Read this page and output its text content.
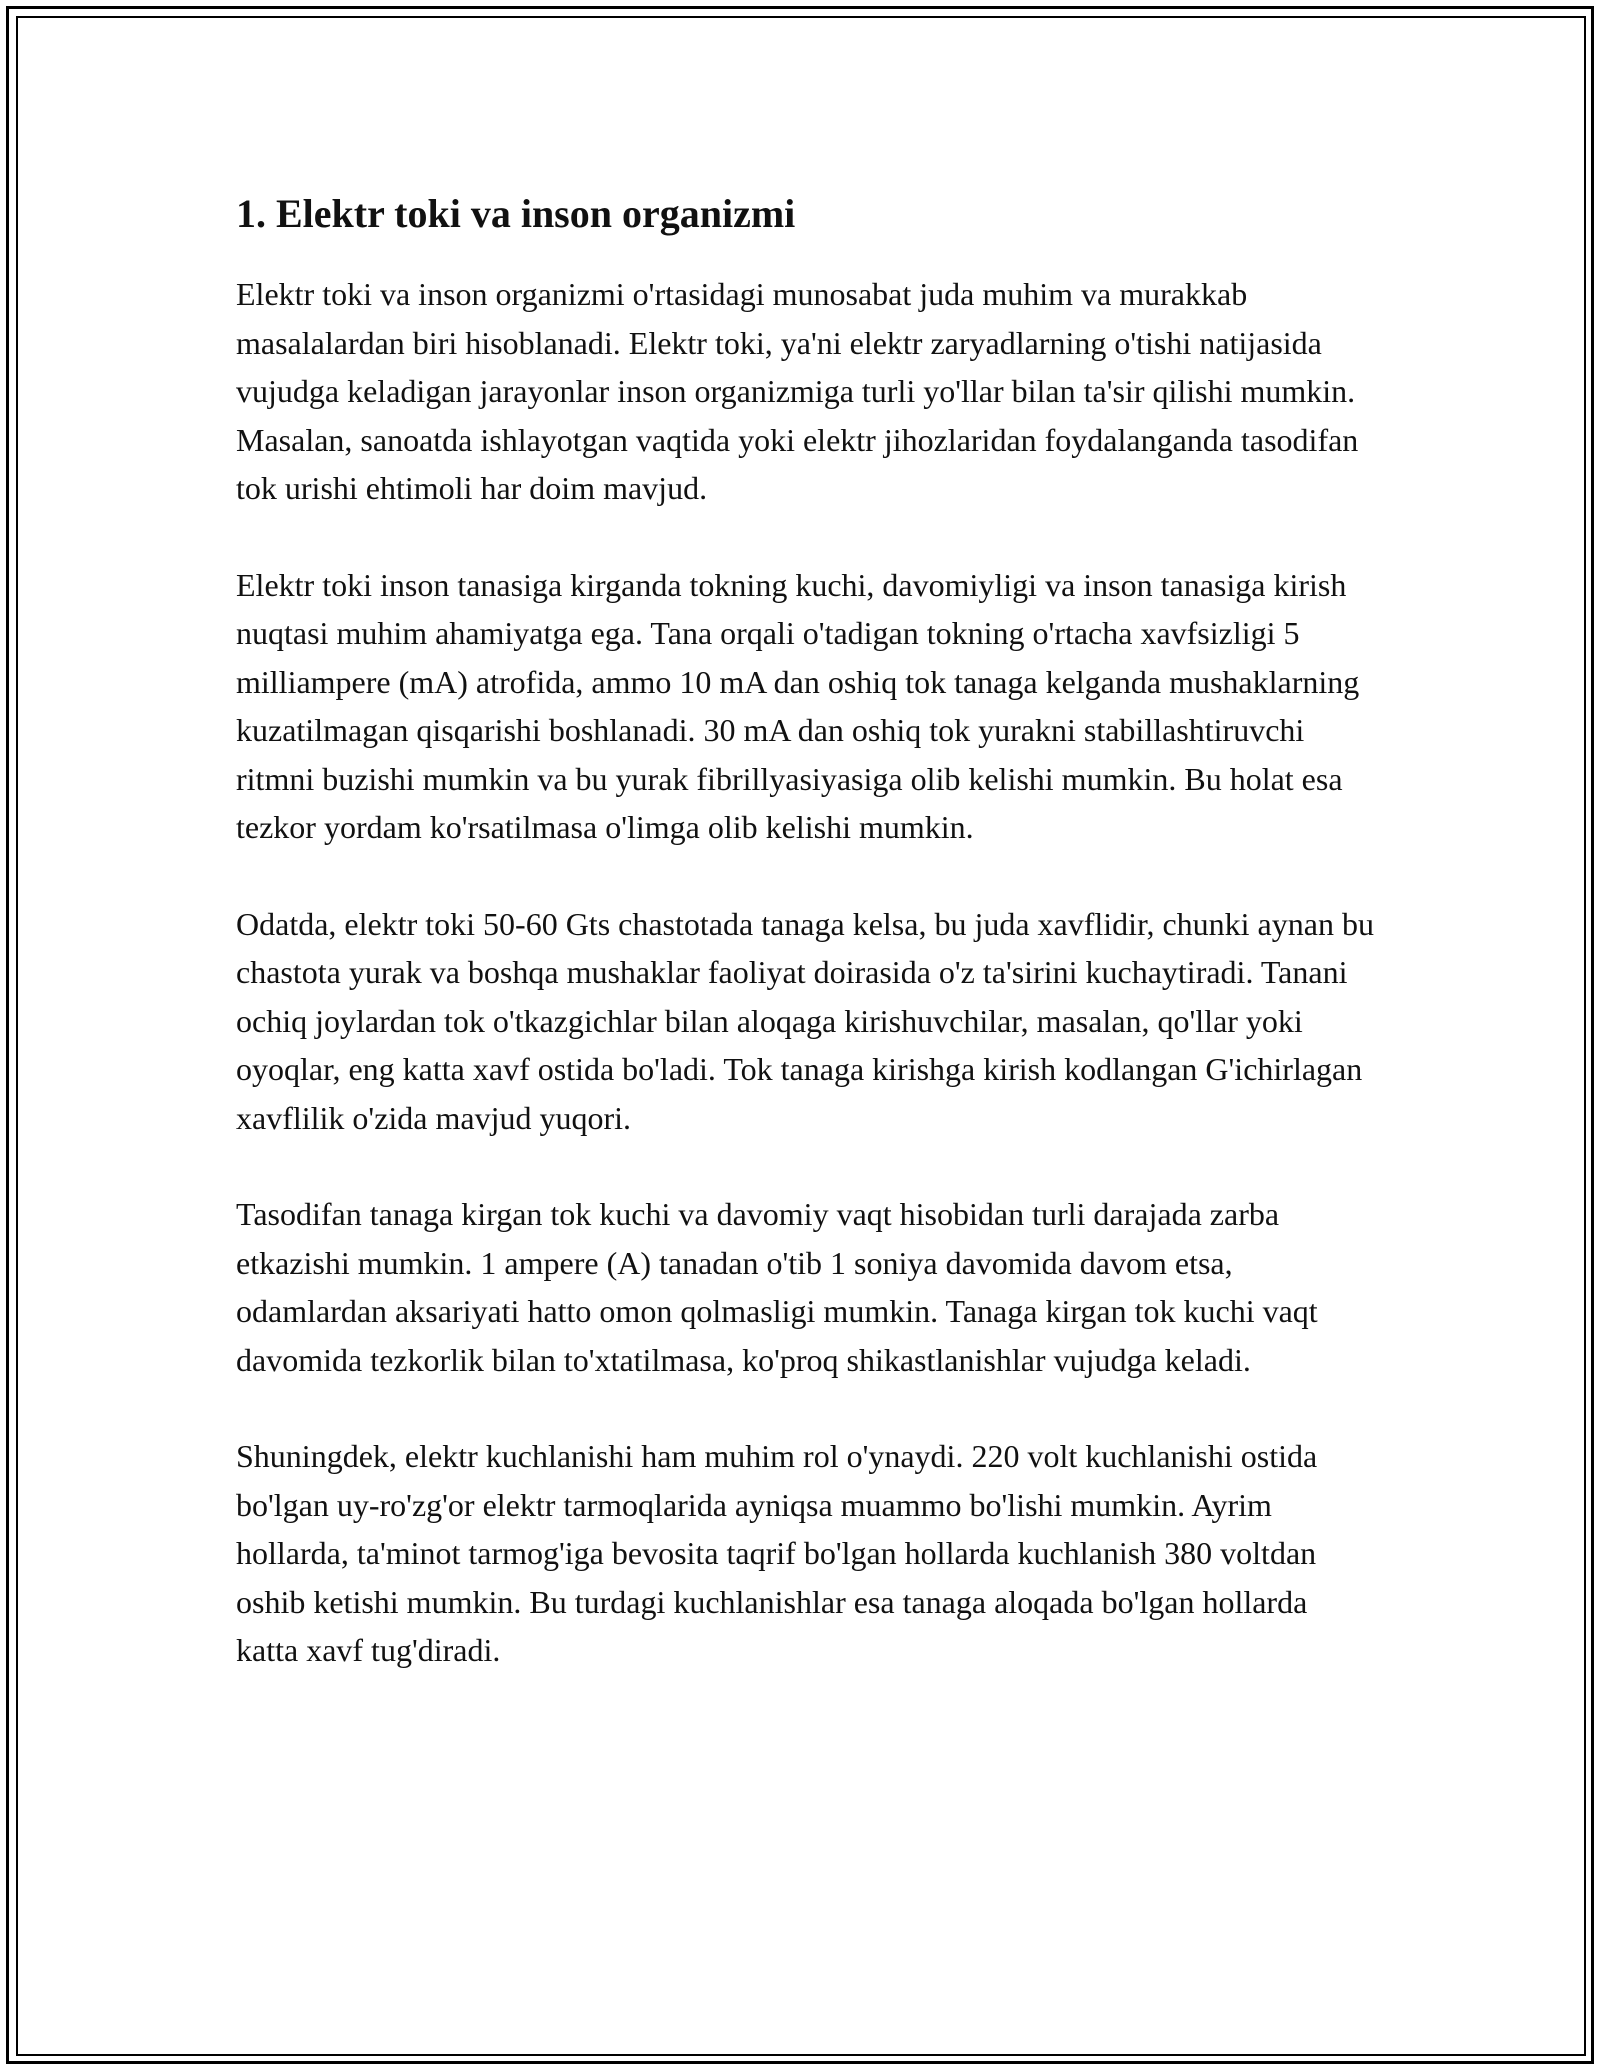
1. Elektr toki va inson organizmi

Elektr toki va inson organizmi o'rtasidagi munosabat juda muhim va murakkab masalalardan biri hisoblanadi. Elektr toki, ya'ni elektr zaryadlarning o'tishi natijasida vujudga keladigan jarayonlar inson organizmiga turli yo'llar bilan ta'sir qilishi mumkin. Masalan, sanoatda ishlayotgan vaqtida yoki elektr jihozlaridan foydalanganda tasodifan tok urishi ehtimoli har doim mavjud.

Elektr toki inson tanasiga kirganda tokning kuchi, davomiyligi va inson tanasiga kirish nuqtasi muhim ahamiyatga ega. Tana orqali o'tadigan tokning o'rtacha xavfsizligi 5 milliampere (mA) atrofida, ammo 10 mA dan oshiq tok tanaga kelganda mushaklarning kuzatilmagan qisqarishi boshlanadi. 30 mA dan oshiq tok yurakni stabillashtiruvchi ritmni buzishi mumkin va bu yurak fibrillyasiyasiga olib kelishi mumkin. Bu holat esa tezkor yordam ko'rsatilmasa o'limga olib kelishi mumkin.

Odatda, elektr toki 50-60 Gts chastotada tanaga kelsa, bu juda xavflidir, chunki aynan bu chastota yurak va boshqa mushaklar faoliyat doirasida o'z ta'sirini kuchaytiradi. Tanani ochiq joylardan tok o'tkazgichlar bilan aloqaga kirishuvchilar, masalan, qo'llar yoki oyoqlar, eng katta xavf ostida bo'ladi. Tok tanaga kirishga kirish kodlangan G'ichirlagan xavflilik o'zida mavjud yuqori.

Tasodifan tanaga kirgan tok kuchi va davomiy vaqt hisobidan turli darajada zarba etkazishi mumkin. 1 ampere (A) tanadan o'tib 1 soniya davomida davom etsa, odamlardan aksariyati hatto omon qolmasligi mumkin. Tanaga kirgan tok kuchi vaqt davomida tezkorlik bilan to'xtatilmasa, ko'proq shikastlanishlar vujudga keladi.

Shuningdek, elektr kuchlanishi ham muhim rol o'ynaydi. 220 volt kuchlanishi ostida bo'lgan uy-ro'zg'or elektr tarmoqlarida ayniqsa muammo bo'lishi mumkin. Ayrim hollarda, ta'minot tarmog'iga bevosita taqrif bo'lgan hollarda kuchlanish 380 voltdan oshib ketishi mumkin. Bu turdagi kuchlanishlar esa tanaga aloqada bo'lgan hollarda katta xavf tug'diradi.
